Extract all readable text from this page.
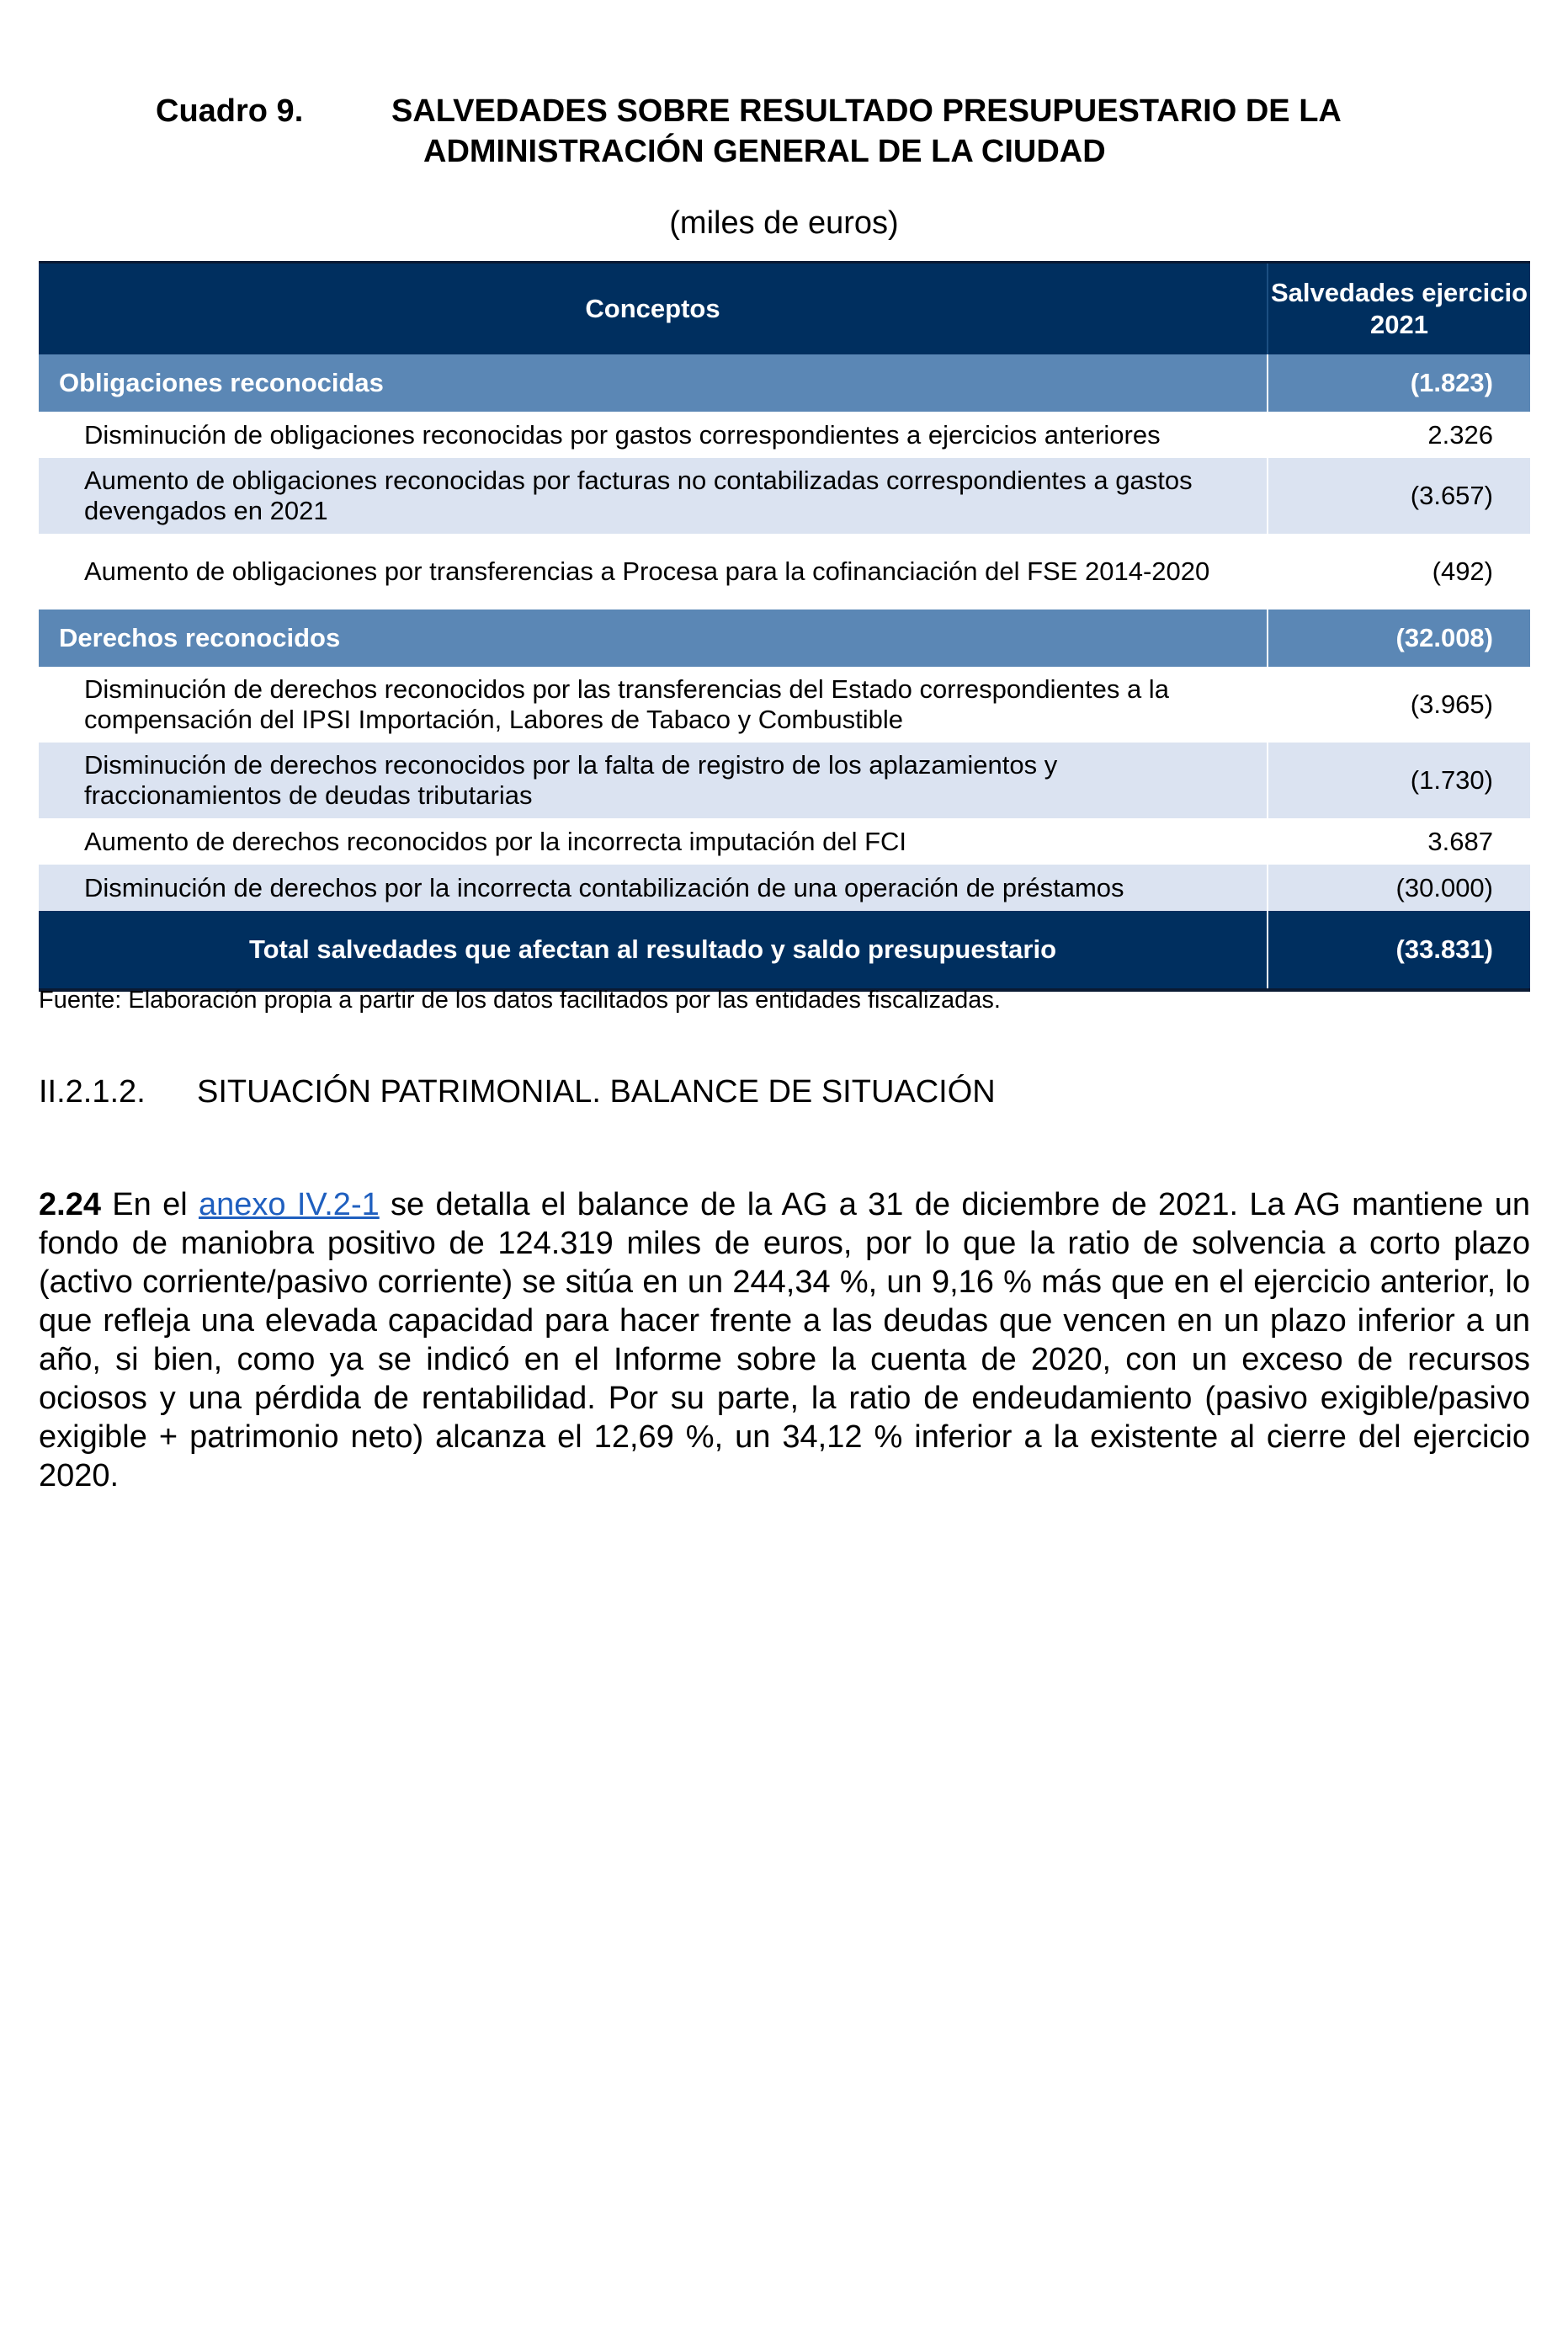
Cuadro 9.	SALVEDADES SOBRE RESULTADO PRESUPUESTARIO DE LA
ADMINISTRACIÓN GENERAL DE LA CIUDAD
(miles de euros)
Conceptos	Salvedades ejercicio 2021
Obligaciones reconocidas	(1.823)
Disminución de obligaciones reconocidas por gastos correspondientes a ejercicios anteriores	2.326
Aumento de obligaciones reconocidas por facturas no contabilizadas correspondientes a gastos devengados en 2021	(3.657)
Aumento de obligaciones por transferencias a Procesa para la cofinanciación del FSE 2014-2020	(492)
Derechos reconocidos	(32.008)
Disminución de derechos reconocidos por las transferencias del Estado correspondientes a la compensación del IPSI Importación, Labores de Tabaco y Combustible	(3.965)
Disminución de derechos reconocidos por la falta de registro de los aplazamientos y fraccionamientos de deudas tributarias	(1.730)
Aumento de derechos reconocidos por la incorrecta imputación del FCI	3.687
Disminución de derechos por la incorrecta contabilización de una operación de préstamos	(30.000)
Total salvedades que afectan al resultado y saldo presupuestario	(33.831)
Fuente: Elaboración propia a partir de los datos facilitados por las entidades fiscalizadas.
II.2.1.2. SITUACIÓN PATRIMONIAL. BALANCE DE SITUACIÓN

2.24 En el anexo IV.2-1 se detalla el balance de la AG a 31 de diciembre de 2021. La AG mantiene un fondo de maniobra positivo de 124.319 miles de euros, por lo que la ratio de solvencia a corto plazo (activo corriente/pasivo corriente) se sitúa en un 244,34 %, un 9,16 % más que en el ejercicio anterior, lo que refleja una elevada capacidad para hacer frente a las deudas que vencen en un plazo inferior a un año, si bien, como ya se indicó en el Informe sobre la cuenta de 2020, con un exceso de recursos ociosos y una pérdida de rentabilidad. Por su parte, la ratio de endeudamiento (pasivo exigible/pasivo exigible + patrimonio neto) alcanza el 12,69 %, un 34,12 % inferior a la existente al cierre del ejercicio 2020.
